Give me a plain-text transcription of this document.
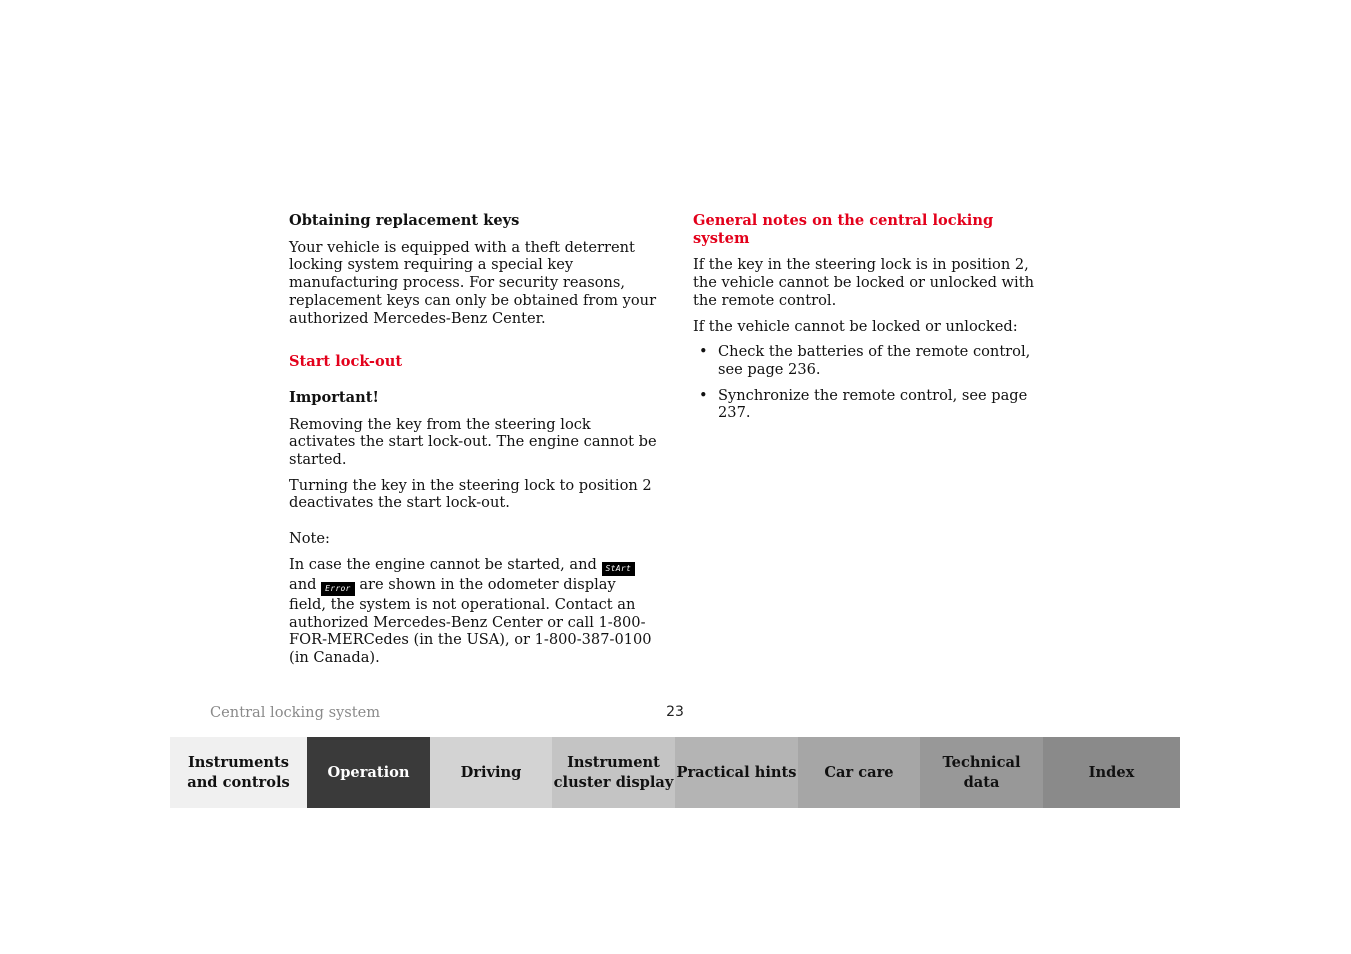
Obtaining replacement keys
Your vehicle is equipped with a theft deterrent locking system requiring a special key manufacturing process. For security reasons, replacement keys can only be obtained from your authorized Mercedes-Benz Center.
Start lock-out
Important!
Removing the key from the steering lock activates the start lock-out. The engine cannot be started.
Turning the key in the steering lock to position 2 deactivates the start lock-out.
Note:
In case the engine cannot be started, and StArt and Error are shown in the odometer display field, the system is not operational. Contact an authorized Mercedes-Benz Center or call 1-800-FOR-MERCedes (in the USA), or 1-800-387-0100 (in Canada).
General notes on the central locking system
If the key in the steering lock is in position 2, the vehicle cannot be locked or unlocked with the remote control.
If the vehicle cannot be locked or unlocked:
• Check the batteries of the remote control,
see page 236.
• Synchronize the remote control, see page 237.
Central locking system	23
Instruments
and controls
Operation	Driving
Instrument
cluster display
Practical hints Car care
Technical
data
Index
